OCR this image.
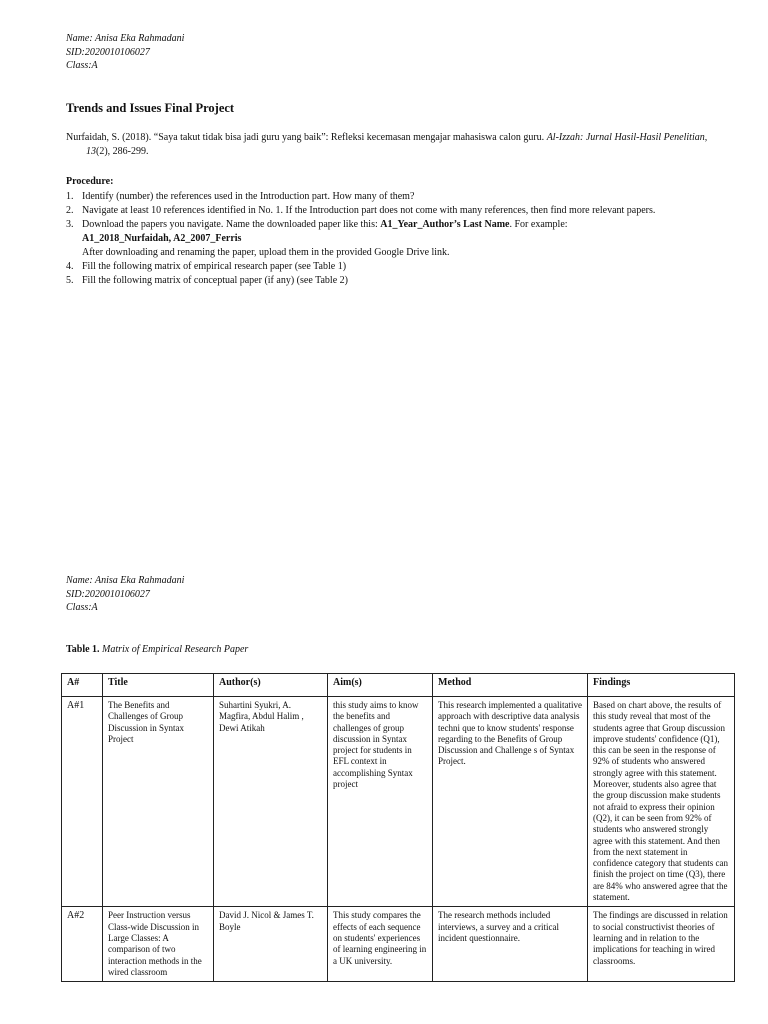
Name: Anisa Eka Rahmadani
SID:2020010106027
Class:A
Trends and Issues Final Project
Nurfaidah, S. (2018). “Saya takut tidak bisa jadi guru yang baik”: Refleksi kecemasan mengajar mahasiswa calon guru. Al-Izzah: Jurnal Hasil-Hasil Penelitian, 13(2), 286-299.
Procedure:
1. Identify (number) the references used in the Introduction part. How many of them?
2. Navigate at least 10 references identified in No. 1. If the Introduction part does not come with many references, then find more relevant papers.
3. Download the papers you navigate. Name the downloaded paper like this: A1_Year_Author’s Last Name. For example:
A1_2018_Nurfaidah, A2_2007_Ferris
After downloading and renaming the paper, upload them in the provided Google Drive link.
4. Fill the following matrix of empirical research paper (see Table 1)
5. Fill the following matrix of conceptual paper (if any) (see Table 2)
Name: Anisa Eka Rahmadani
SID:2020010106027
Class:A
Table 1. Matrix of Empirical Research Paper
A#	Title	Author(s)	Aim(s)	Method	Findings
A#1	The Benefits and Challenges of Group Discussion in Syntax Project	Suhartini Syukri, A. Magfira, Abdul Halim , Dewi Atikah	this study aims to know the benefits and challenges of group discussion in Syntax project for students in EFL context in accomplishing Syntax project	This research implemented a qualitative approach with descriptive data analysis techni que to know students' response regarding to the Benefits of Group Discussion and Challenge s of Syntax Project.	Based on chart above, the results of this study reveal that most of the students agree that Group discussion improve students' confidence (Q1), this can be seen in the response of 92% of students who answered strongly agree with this statement. Moreover, students also agree that the group discussion make students not afraid to express their opinion (Q2), it can be seen from 92% of students who answered strongly agree with this statement. And then from the next statement in confidence category that students can finish the project on time (Q3), there are 84% who answered agree that the statement.
A#2	Peer Instruction versus Class-wide Discussion in Large Classes: A comparison of two interaction methods in the wired classroom	David J. Nicol & James T. Boyle	This study compares the effects of each sequence on students' experiences of learning engineering in a UK university.	The research methods included interviews, a survey and a critical incident questionnaire.	The findings are discussed in relation to social constructivist theories of learning and in relation to the implications for teaching in wired classrooms.
